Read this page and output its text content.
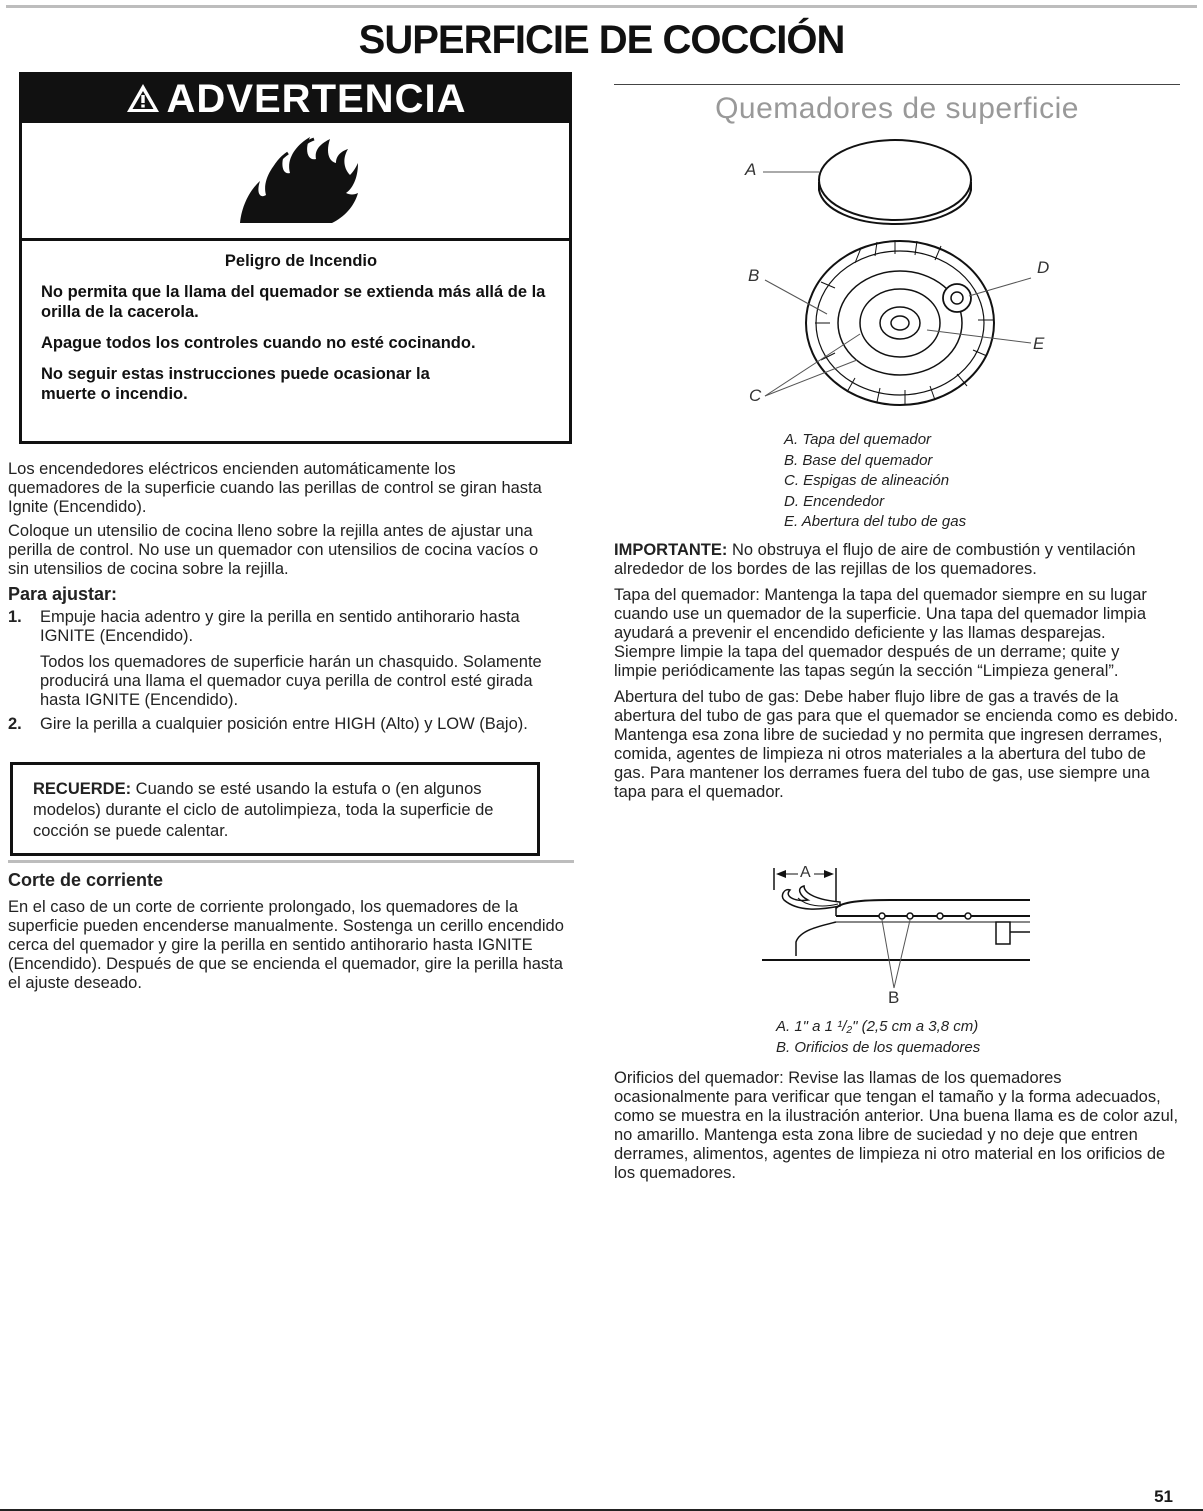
SUPERFICIE DE COCCIÓN
ADVERTENCIA
Peligro de Incendio

No permita que la llama del quemador se extienda más allá de la orilla de la cacerola.

Apague todos los controles cuando no esté cocinando.

No seguir estas instrucciones puede ocasionar la muerte o incendio.

Los encendedores eléctricos encienden automáticamente los quemadores de la superficie cuando las perillas de control se giran hasta Ignite (Encendido).

Coloque un utensilio de cocina lleno sobre la rejilla antes de ajustar una perilla de control. No use un quemador con utensilios de cocina vacíos o sin utensilios de cocina sobre la rejilla.

Para ajustar:

1. Empuje hacia adentro y gire la perilla en sentido antihorario hasta IGNITE (Encendido).

Todos los quemadores de superficie harán un chasquido. Solamente producirá una llama el quemador cuya perilla de control esté girada hasta IGNITE (Encendido).

2. Gire la perilla a cualquier posición entre HIGH (Alto) y LOW (Bajo).

RECUERDE: Cuando se esté usando la estufa o (en algunos modelos) durante el ciclo de autolimpieza, toda la superficie de cocción se puede calentar.

Corte de corriente

En el caso de un corte de corriente prolongado, los quemadores de la superficie pueden encenderse manualmente. Sostenga un cerillo encendido cerca del quemador y gire la perilla en sentido antihorario hasta IGNITE (Encendido). Después de que se encienda el quemador, gire la perilla hasta el ajuste deseado.

Quemadores de superficie
A
B
C
D
E
A. Tapa del quemador
B. Base del quemador
C. Espigas de alineación
D. Encendedor
E. Abertura del tubo de gas

IMPORTANTE: No obstruya el flujo de aire de combustión y ventilación alrededor de los bordes de las rejillas de los quemadores.

Tapa del quemador: Mantenga la tapa del quemador siempre en su lugar cuando use un quemador de la superficie. Una tapa del quemador limpia ayudará a prevenir el encendido deficiente y las llamas desparejas. Siempre limpie la tapa del quemador después de un derrame; quite y limpie periódicamente las tapas según la sección “Limpieza general”.

Abertura del tubo de gas: Debe haber flujo libre de gas a través de la abertura del tubo de gas para que el quemador se encienda como es debido. Mantenga esa zona libre de suciedad y no permita que ingresen derrames, comida, agentes de limpieza ni otros materiales a la abertura del tubo de gas. Para mantener los derrames fuera del tubo de gas, use siempre una tapa para el quemador.

A
B
A. 1" a 1 ¹/₂" (2,5 cm a 3,8 cm)
B. Orificios de los quemadores

Orificios del quemador: Revise las llamas de los quemadores ocasionalmente para verificar que tengan el tamaño y la forma adecuados, como se muestra en la ilustración anterior. Una buena llama es de color azul, no amarillo. Mantenga esta zona libre de suciedad y no deje que entren derrames, alimentos, agentes de limpieza ni otro material en los orificios de los quemadores.

51
